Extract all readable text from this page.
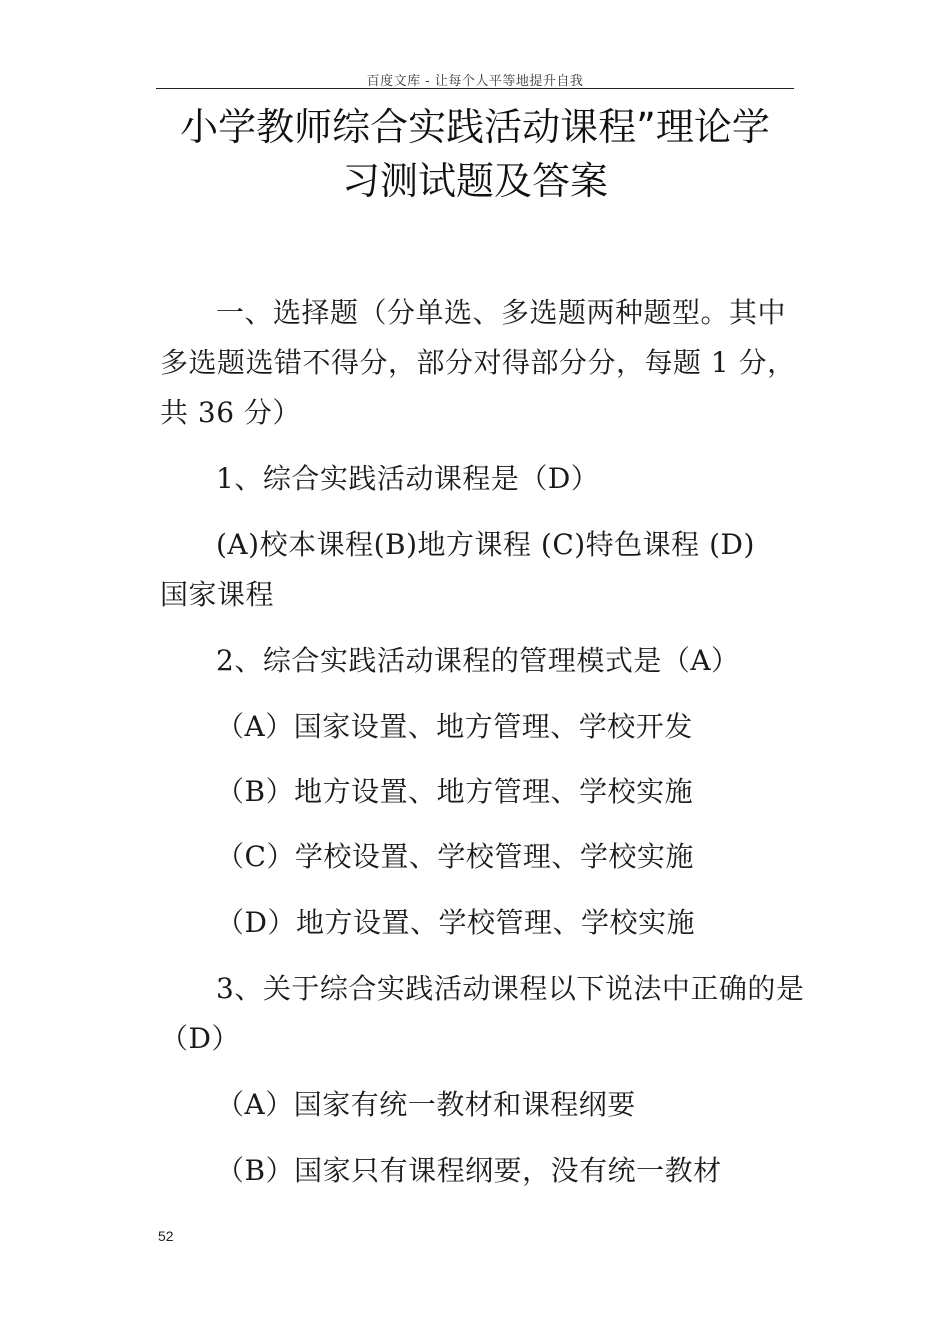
百度文库 - 让每个人平等地提升自我
小学教师综合实践活动课程”理论学
习测试题及答案
一、选择题（分单选、多选题两种题型。其中
多选题选错不得分，部分对得部分分，每题 1 分，
共 36 分）
1、综合实践活动课程是（D）
(A)校本课程(B)地方课程 (C)特色课程 (D)
国家课程
2、综合实践活动课程的管理模式是（A）
（A）国家设置、地方管理、学校开发
（B）地方设置、地方管理、学校实施
（C）学校设置、学校管理、学校实施
（D）地方设置、学校管理、学校实施
3、关于综合实践活动课程以下说法中正确的是
（D）
（A）国家有统一教材和课程纲要
（B）国家只有课程纲要，没有统一教材
52
